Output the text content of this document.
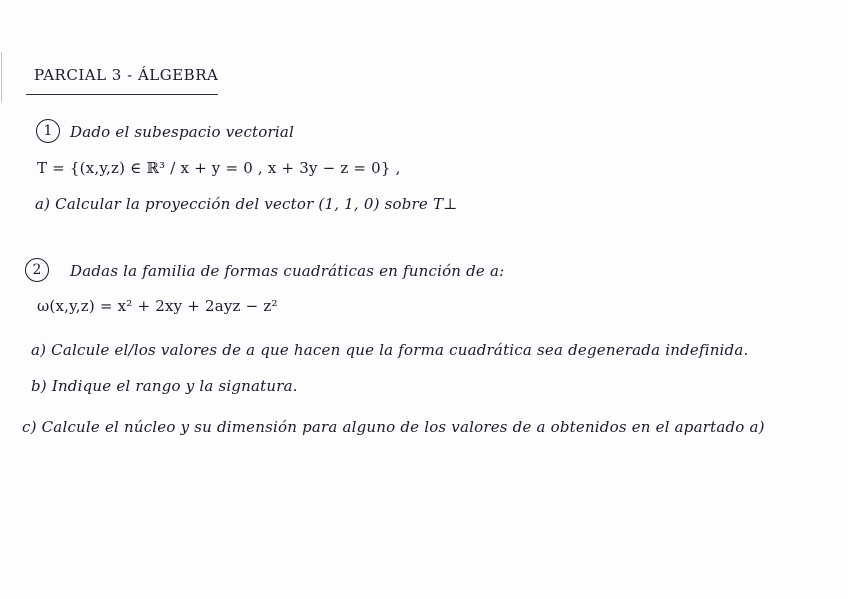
PARCIAL 3 - ÁLGEBRA
1	Dado el subespacio vectorial
T = {(x,y,z) ∈ ℝ³ / x + y = 0 , x + 3y − z = 0} ,
a) Calcular la proyección del vector (1, 1, 0) sobre T⊥
2	Dadas la familia de formas cuadráticas en función de a:
ω(x,y,z) = x² + 2xy + 2ayz − z²
a) Calcule el/los valores de a que hacen que la forma cuadrática sea degenerada indefinida.
b) Indique el rango y la signatura.
c) Calcule el núcleo y su dimensión para alguno de los valores de a obtenidos en el apartado a)
